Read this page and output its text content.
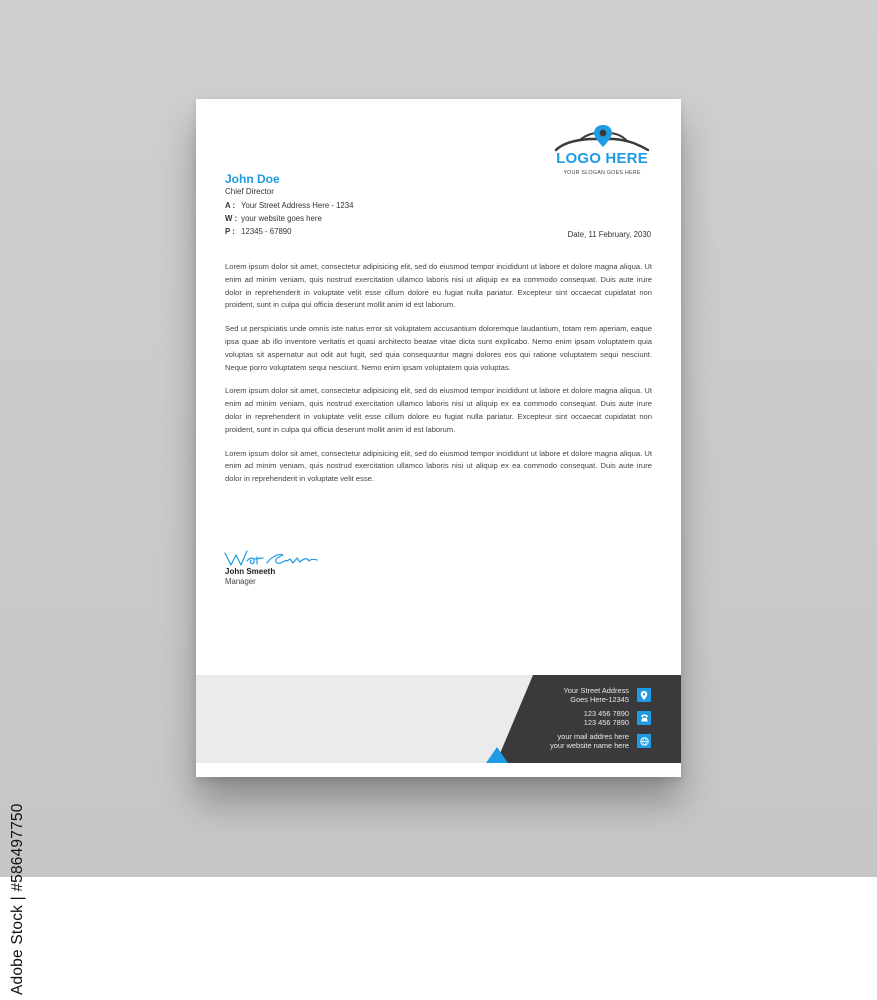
LOGO HERE
YOUR SLOGAN GOES HERE
John Doe
Chief Director
A : Your Street Address Here - 1234
W : your website goes here
P : 12345 - 67890	Date, 11 February, 2030

Lorem ipsum dolor sit amet, consectetur adipisicing elit, sed do eiusmod tempor incididunt ut labore et dolore magna aliqua. Ut enim ad minim veniam, quis nostrud exercitation ullamco laboris nisi ut aliquip ex ea commodo consequat. Duis aute irure dolor in reprehenderit in voluptate velit esse cillum dolore eu fugiat nulla pariatur. Excepteur sint occaecat cupidatat non proident, sunt in culpa qui officia deserunt mollit anim id est laborum.

Sed ut perspiciatis unde omnis iste natus error sit voluptatem accusantium doloremque laudantium, totam rem aperiam, eaque ipsa quae ab illo inventore veritatis et quasi architecto beatae vitae dicta sunt explicabo. Nemo enim ipsam voluptatem quia voluptas sit aspernatur aut odit aut fugit, sed quia consequuntur magni dolores eos qui ratione voluptatem sequi nesciunt. Neque porro voluptatem sequi nesciunt. Nemo enim ipsam voluptatem quia voluptas.

Lorem ipsum dolor sit amet, consectetur adipisicing elit, sed do eiusmod tempor incididunt ut labore et dolore magna aliqua. Ut enim ad minim veniam, quis nostrud exercitation ullamco laboris nisi ut aliquip ex ea commodo consequat. Duis aute irure dolor in reprehenderit in voluptate velit esse cillum dolore eu fugiat nulla pariatur. Excepteur sint occaecat cupidatat non proident, sunt in culpa qui officia deserunt mollit anim id est laborum.

Lorem ipsum dolor sit amet, consectetur adipisicing elit, sed do eiusmod tempor incididunt ut labore et dolore magna aliqua. Ut enim ad minim veniam, quis nostrud exercitation ullamco laboris nisi ut aliquip ex ea commodo consequat. Duis aute irure dolor in reprehenderit in voluptate velit esse.

John Smeeth
Manager
Your Street Address
Goes Here-12345
123 456 7890
123 456 7890
your mail addres here
your website name here
Adobe Stock | #586497750
